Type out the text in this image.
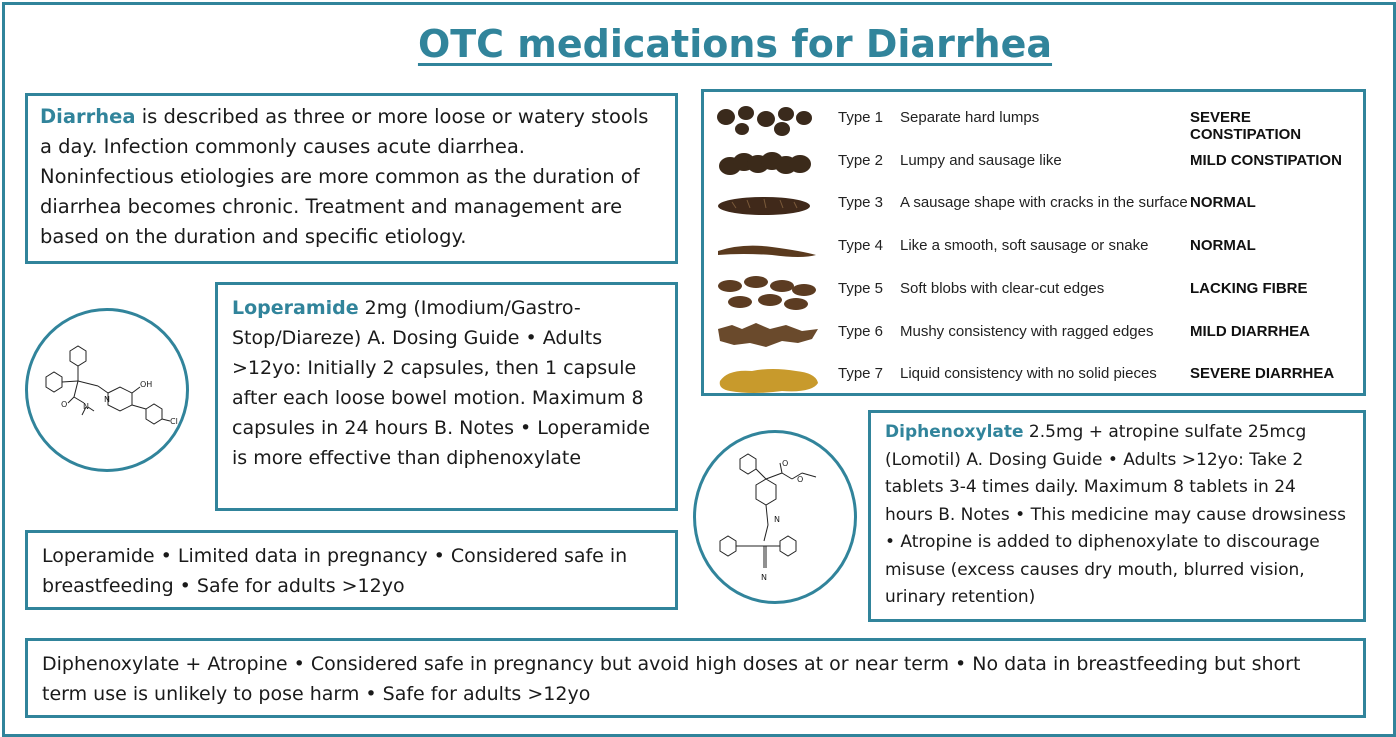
OTC medications for Diarrhea
Diarrhea is described as three or more loose or watery stools a day. Infection commonly causes acute diarrhea. Noninfectious etiologies are more common as the duration of diarrhea becomes chronic. Treatment and management are based on the duration and specific etiology.
Type 1 Separate hard lumps	SEVERE CONSTIPATION
Type 2 Lumpy and sausage like	MILD CONSTIPATION
Type 3 A sausage shape with cracks in the surface NORMAL
Type 4 Like a smooth, soft sausage or snake	NORMAL
Type 5 Soft blobs with clear-cut edges	LACKING FIBRE
Type 6 Mushy consistency with ragged edges MILD DIARRHEA
Type 7 Liquid consistency with no solid pieces SEVERE DIARRHEA
OH
O N
N
Cl
Loperamide 2mg (Imodium/Gastro-Stop/Diareze) A. Dosing Guide • Adults >12yo: Initially 2 capsules, then 1 capsule after each loose bowel motion. Maximum 8 capsules in 24 hours B. Notes • Loperamide is more effective than diphenoxylate
Loperamide • Limited data in pregnancy • Considered safe in breastfeeding • Safe for adults >12yo
O
O
N
N
Diphenoxylate 2.5mg + atropine sulfate 25mcg (Lomotil) A. Dosing Guide • Adults >12yo: Take 2 tablets 3-4 times daily. Maximum 8 tablets in 24 hours B. Notes • This medicine may cause drowsiness • Atropine is added to diphenoxylate to discourage misuse (excess causes dry mouth, blurred vision, urinary retention)
Diphenoxylate + Atropine • Considered safe in pregnancy but avoid high doses at or near term • No data in breastfeeding but short term use is unlikely to pose harm • Safe for adults >12yo
